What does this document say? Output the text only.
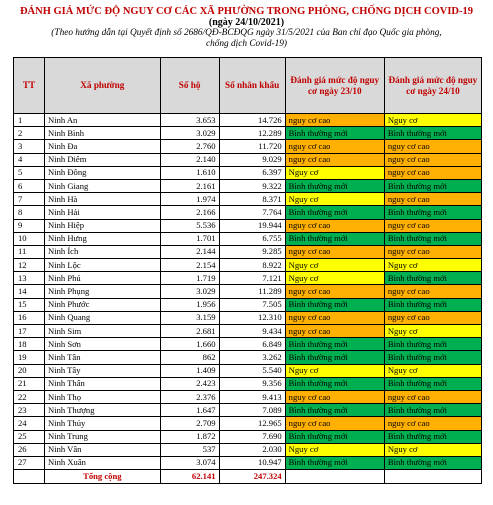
ĐÁNH GIÁ MỨC ĐỘ NGUY CƠ CÁC XÃ PHƯỜNG TRONG PHÒNG, CHỐNG DỊCH COVID-19
(ngày 24/10/2021)
(Theo hướng dẫn tại Quyết định số 2686/QĐ-BCĐQG ngày 31/5/2021 của Ban chỉ đạo Quốc gia phòng,
chống dịch Covid-19)
TT	Xã phường	Số hộ	Số nhân khẩu	Đánh giá mức độ nguy cơ ngày 23/10	Đánh giá mức độ nguy cơ ngày 24/10
1	Ninh An	3.653	14.726	nguy cơ cao	Nguy cơ
2	Ninh Bình	3.029	12.289	Bình thường mới	Bình thường mới
3	Ninh Đa	2.760	11.720	nguy cơ cao	nguy cơ cao
4	Ninh Diêm	2.140	9.029	nguy cơ cao	nguy cơ cao
5	Ninh Đông	1.610	6.397	Nguy cơ	nguy cơ cao
6	Ninh Giang	2.161	9.322	Bình thường mới	Bình thường mới
7	Ninh Hà	1.974	8.371	Nguy cơ	nguy cơ cao
8	Ninh Hải	2.166	7.764	Bình thường mới	Bình thường mới
9	Ninh Hiệp	5.536	19.944	nguy cơ cao	nguy cơ cao
10	Ninh Hưng	1.701	6.755	Bình thường mới	Bình thường mới
11	Ninh Ích	2.144	9.285	nguy cơ cao	nguy cơ cao
12	Ninh Lộc	2.154	8.922	Nguy cơ	Nguy cơ
13	Ninh Phú	1.719	7.121	Nguy cơ	Bình thường mới
14	Ninh Phụng	3.029	11.289	nguy cơ cao	nguy cơ cao
15	Ninh Phước	1.956	7.505	Bình thường mới	Bình thường mới
16	Ninh Quang	3.159	12.310	nguy cơ cao	nguy cơ cao
17	Ninh Sim	2.681	9.434	nguy cơ cao	Nguy cơ
18	Ninh Sơn	1.660	6.849	Bình thường mới	Bình thường mới
19	Ninh Tân	862	3.262	Bình thường mới	Bình thường mới
20	Ninh Tây	1.409	5.540	Nguy cơ	Nguy cơ
21	Ninh Thân	2.423	9.356	Bình thường mới	Bình thường mới
22	Ninh Thọ	2.376	9.413	nguy cơ cao	nguy cơ cao
23	Ninh Thượng	1.647	7.089	Bình thường mới	Bình thường mới
24	Ninh Thủy	2.709	12.965	nguy cơ cao	nguy cơ cao
25	Ninh Trung	1.872	7.690	Bình thường mới	Bình thường mới
26	Ninh Vân	537	2.030	Nguy cơ	Nguy cơ
27	Ninh Xuân	3.074	10.947	Bình thường mới	Bình thường mới
	Tổng cộng	62.141	247.324		
